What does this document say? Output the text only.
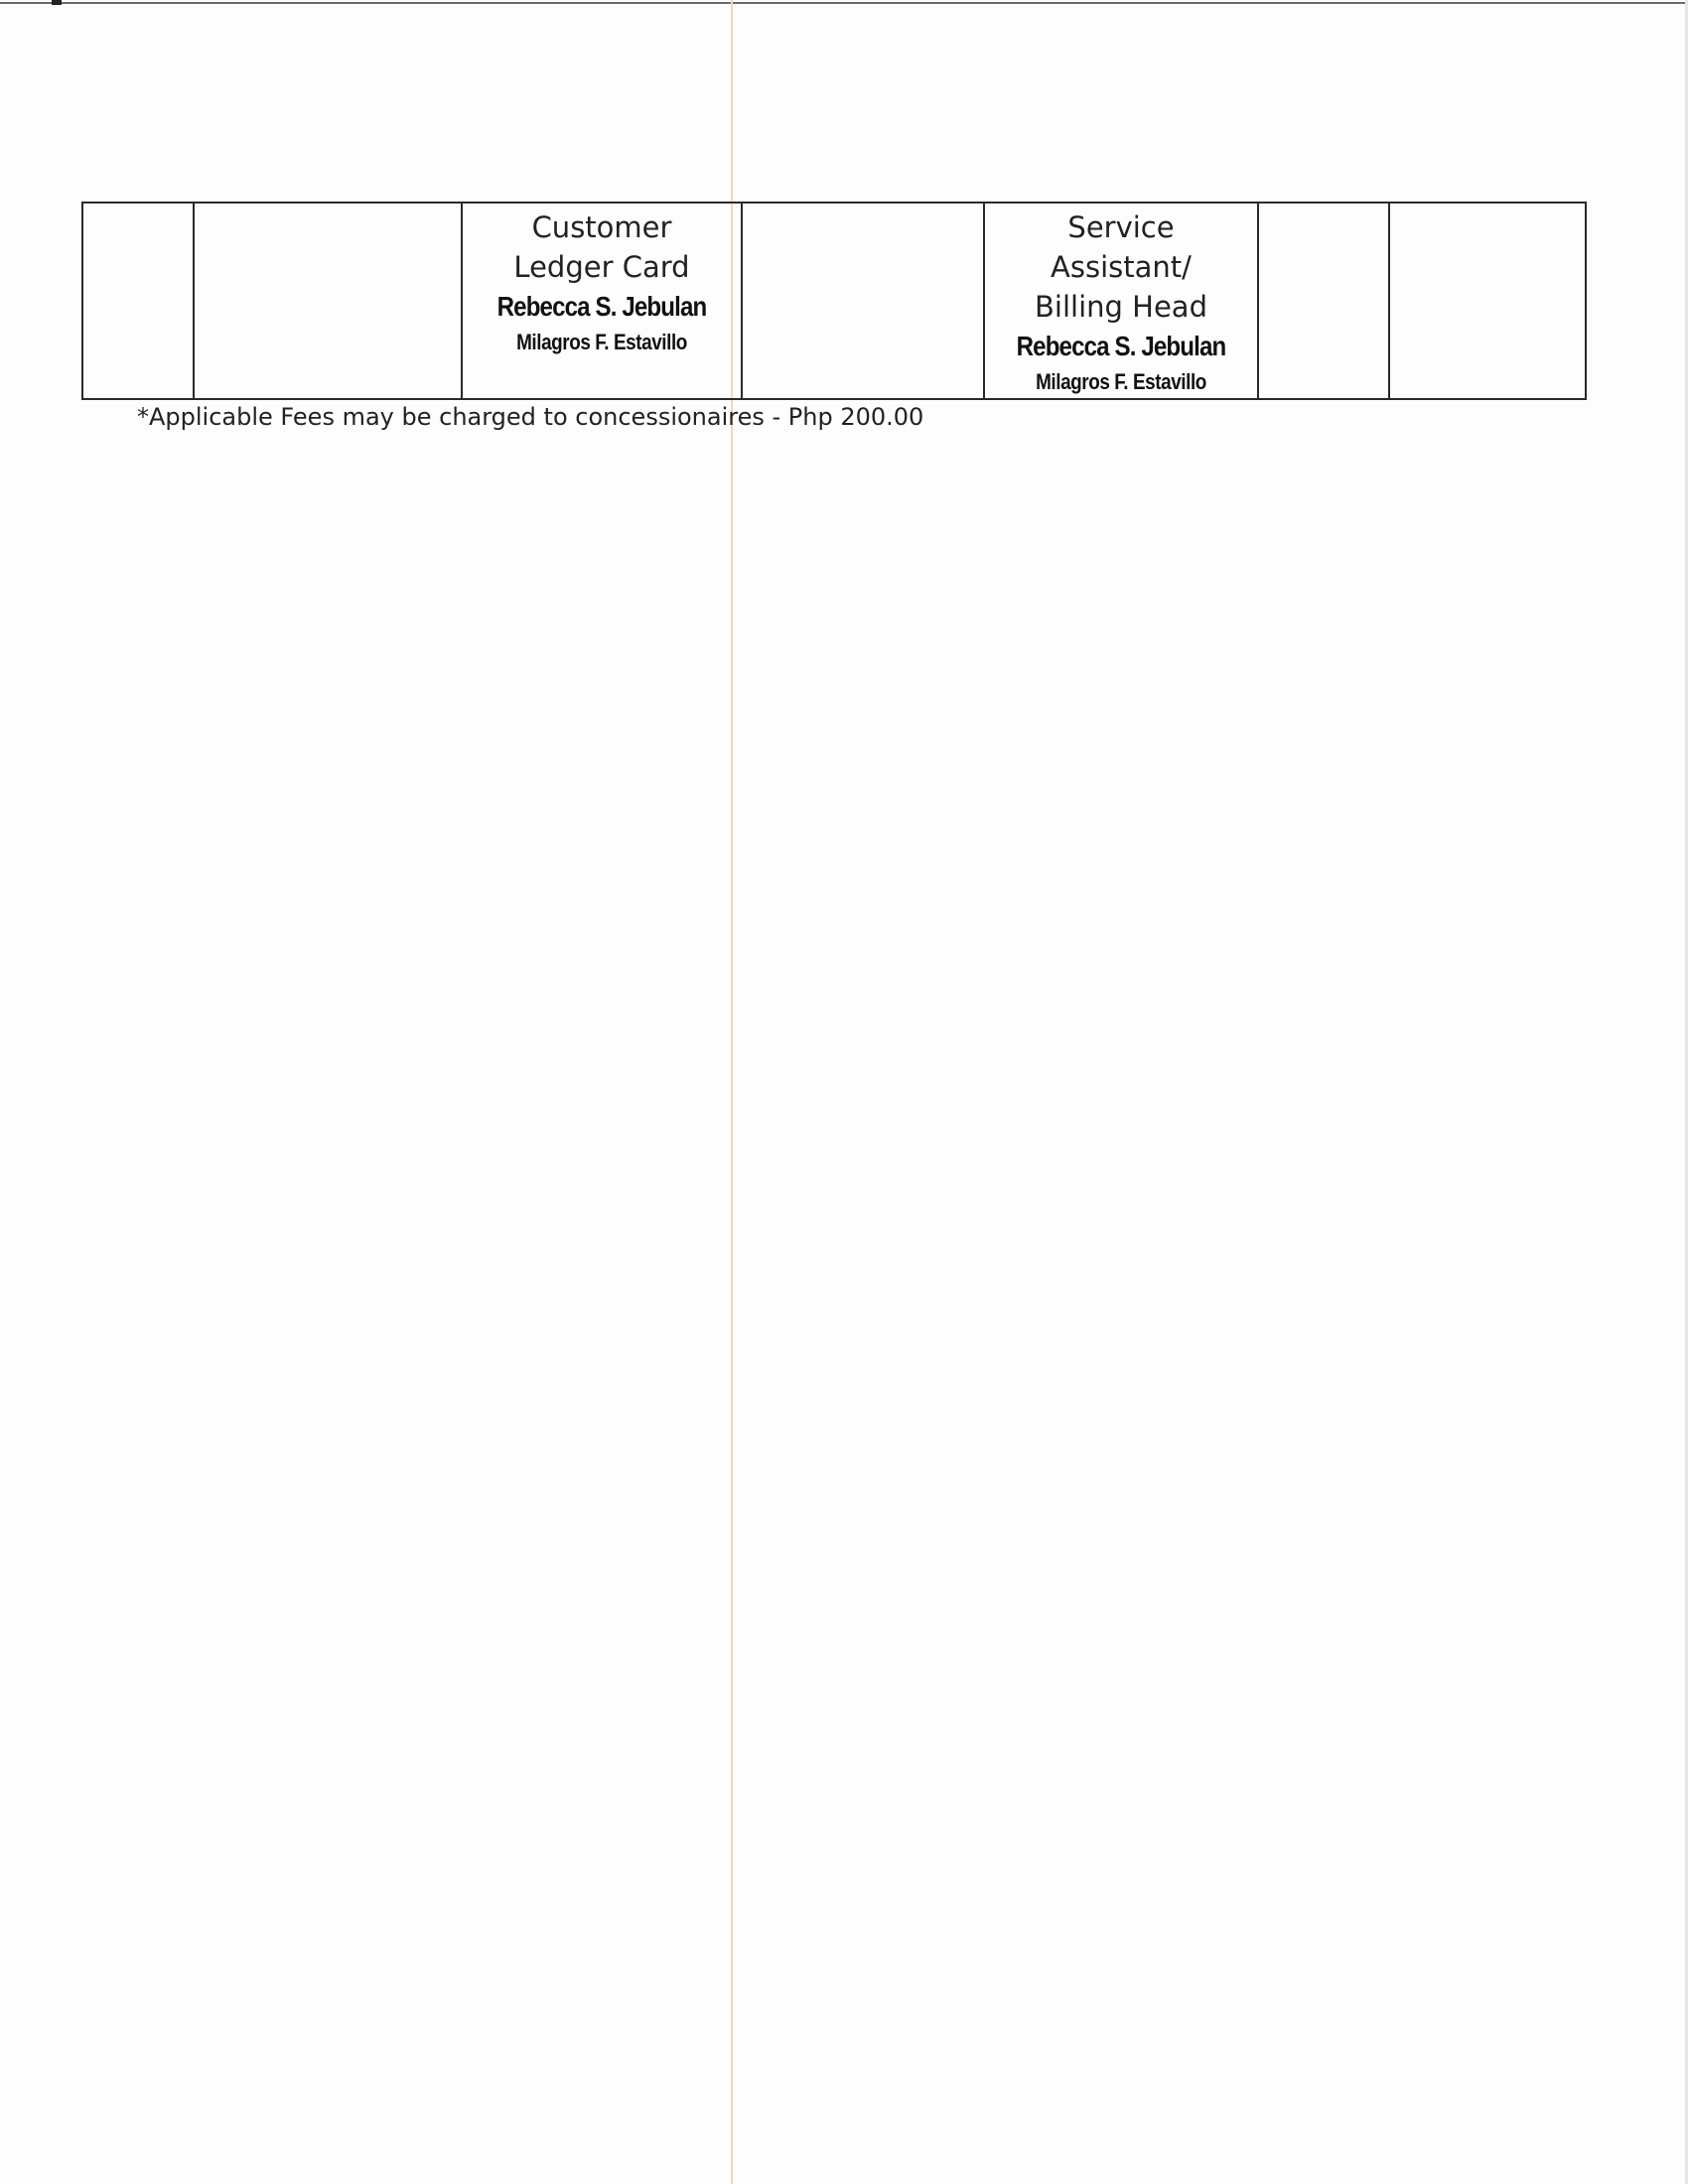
Customer
Ledger Card
Rebecca S. Jebulan
Milagros F. Estavillo

Service
Assistant/
Billing Head
Rebecca S. Jebulan
Milagros F. Estavillo

*Applicable Fees may be charged to concessionaires - Php 200.00
